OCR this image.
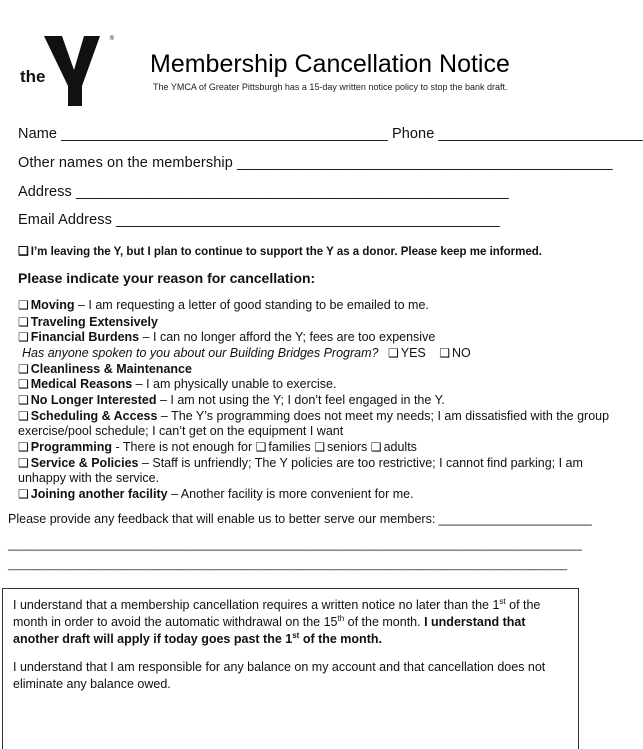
the
®
Membership Cancellation Notice
The YMCA of Greater Pittsburgh has a 15-day written notice policy to stop the bank draft.
Name ________________________________________ Phone _________________________
Other names on the membership ______________________________________________
Address _____________________________________________________
Email Address _______________________________________________
❑ I’m leaving the Y, but I plan to continue to support the Y as a donor. Please keep me informed.
Please indicate your reason for cancellation:
❑ Moving – I am requesting a letter of good standing to be emailed to me.
❑ Traveling Extensively
❑ Financial Burdens – I can no longer afford the Y; fees are too expensive
Has anyone spoken to you about our Building Bridges Program? ❑ YES ❑ NO
❑ Cleanliness & Maintenance
❑ Medical Reasons – I am physically unable to exercise.
❑ No Longer Interested – I am not using the Y; I don’t feel engaged in the Y.
❑ Scheduling & Access – The Y’s programming does not meet my needs; I am dissatisfied with the group
exercise/pool schedule; I can’t get on the equipment I want
❑ Programming - There is not enough for ❑ families ❑ seniors ❑ adults
❑ Service & Policies – Staff is unfriendly; The Y policies are too restrictive; I cannot find parking; I am
unhappy with the service.
❑ Joining another facility – Another facility is more convenient for me.
Please provide any feedback that will enable us to better serve our members: ______________________
______________________________________________________________________________________
_________________________________________________________________________________________
I understand that a membership cancellation requires a written notice no later than the 1st of the month in order to avoid the automatic withdrawal on the 15th of the month. I understand that another draft will apply if today goes past the 1st of the month.
I understand that I am responsible for any balance on my account and that cancellation does not eliminate any balance owed.
